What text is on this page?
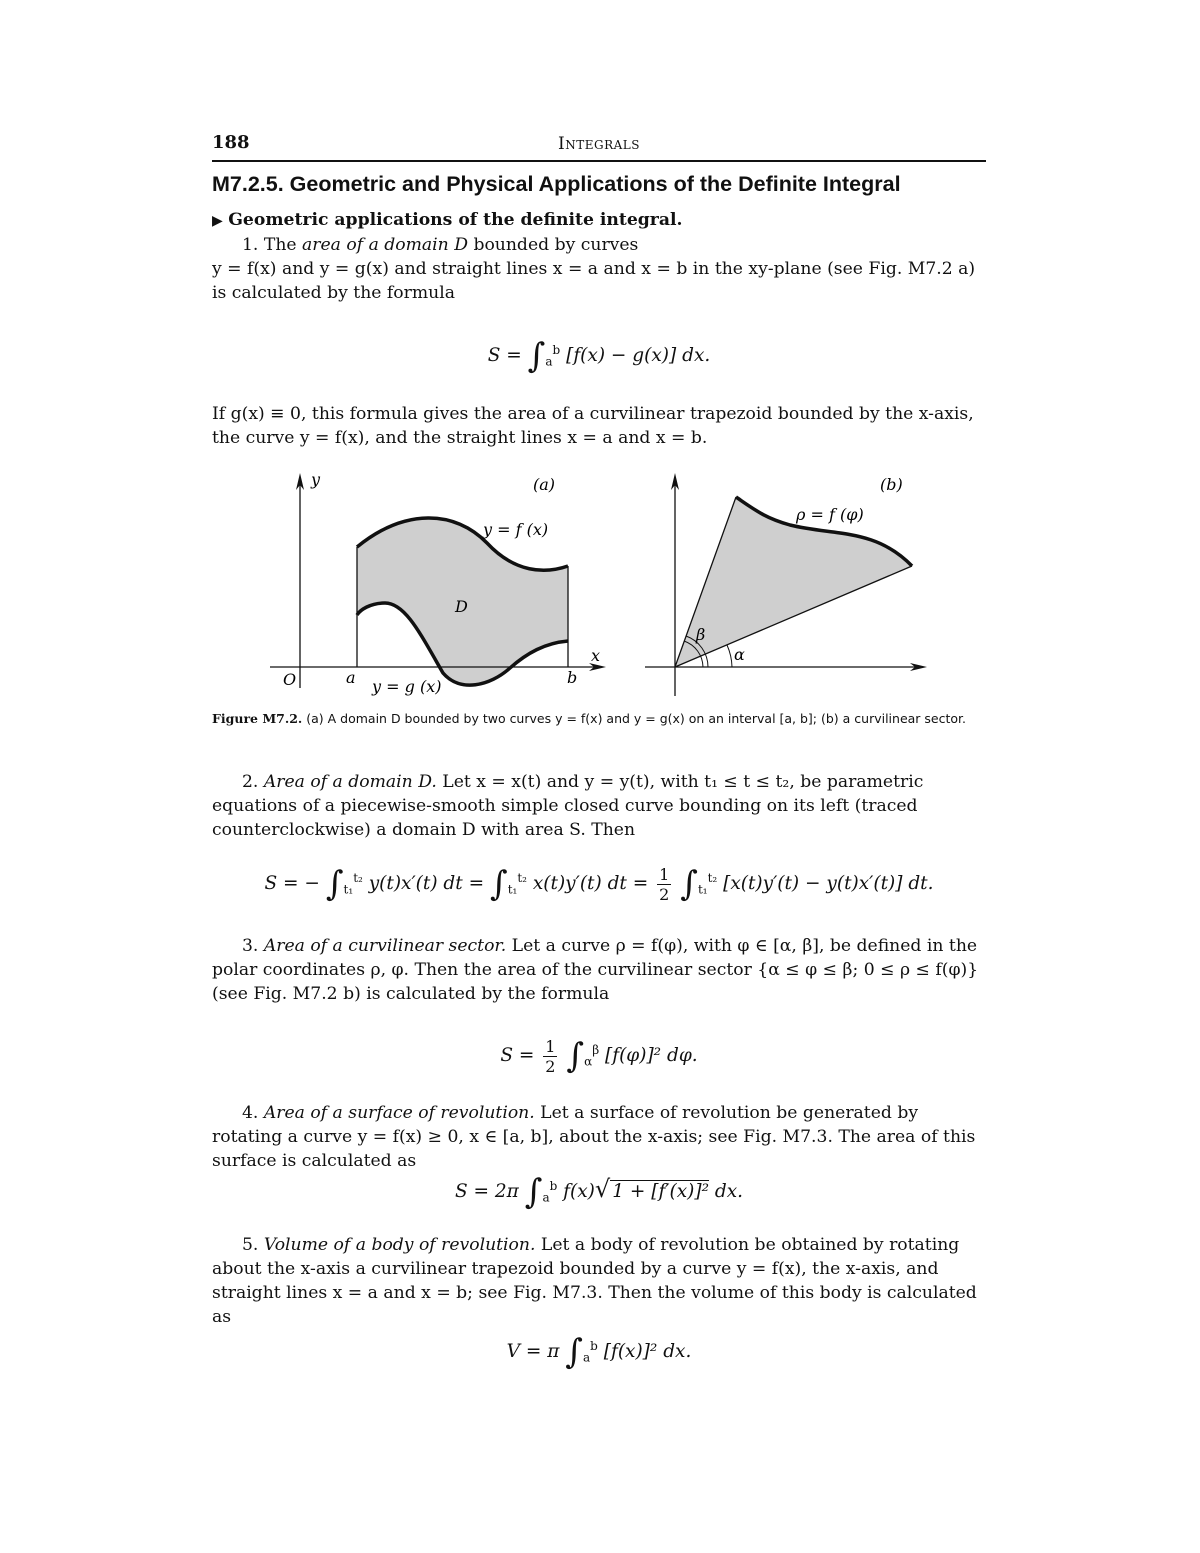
188	Integrals
M7.2.5. Geometric and Physical Applications of the Definite Integral
▶ Geometric applications of the definite integral.

1. The area of a domain D bounded by curves

y = f(x) and y = g(x) and straight lines x = a and x = b in the xy-plane (see Fig. M7.2 a)

is calculated by the formula

$S = \int_a^b$ [f(x) − g(x)] dx.

If g(x) ≡ 0, this formula gives the area of a curvilinear trapezoid bounded by the x-axis, the curve y = f(x), and the straight lines x = a and x = b.

(a)
y
x
O	a	b
y = f (x)
y = g (x)
D
(b)
ρ = f (φ)
β
α
Figure M7.2. (a) A domain D bounded by two curves y = f(x) and y = g(x) on an interval [a, b]; (b) a curvilinear sector.

2. Area of a domain D. Let x = x(t) and y = y(t), with t₁ ≤ t ≤ t₂, be parametric equations of a piecewise-smooth simple closed curve bounding on its left (traced counterclockwise) a domain D with area S. Then

S = − $\int_{t_1}^{t_2}$ y(t)x′(t) dt = $\int_{t_1}^{t_2}$ x(t)y′(t) dt = $\frac{1}{2} \int_{t_1}^{t_2}$ [x(t)y′(t) − y(t)x′(t)] dt.

3. Area of a curvilinear sector. Let a curve ρ = f(φ), with φ ∈ [α, β], be defined in the polar coordinates ρ, φ. Then the area of the curvilinear sector {α ≤ φ ≤ β; 0 ≤ ρ ≤ f(φ)} (see Fig. M7.2 b) is calculated by the formula

$S = \frac{1}{2} \int_\alpha^\beta$ [f(φ)]² dφ.

4. Area of a surface of revolution. Let a surface of revolution be generated by rotating a curve y = f(x) ≥ 0, x ∈ [a, b], about the x-axis; see Fig. M7.3. The area of this surface is calculated as

S = 2π $\int_a^b$ f(x)√ 1 + [f′(x)]² dx.

5. Volume of a body of revolution. Let a body of revolution be obtained by rotating about the x-axis a curvilinear trapezoid bounded by a curve y = f(x), the x-axis, and straight lines x = a and x = b; see Fig. M7.3. Then the volume of this body is calculated as

V = π $\int_a^b$ [f(x)]² dx.
